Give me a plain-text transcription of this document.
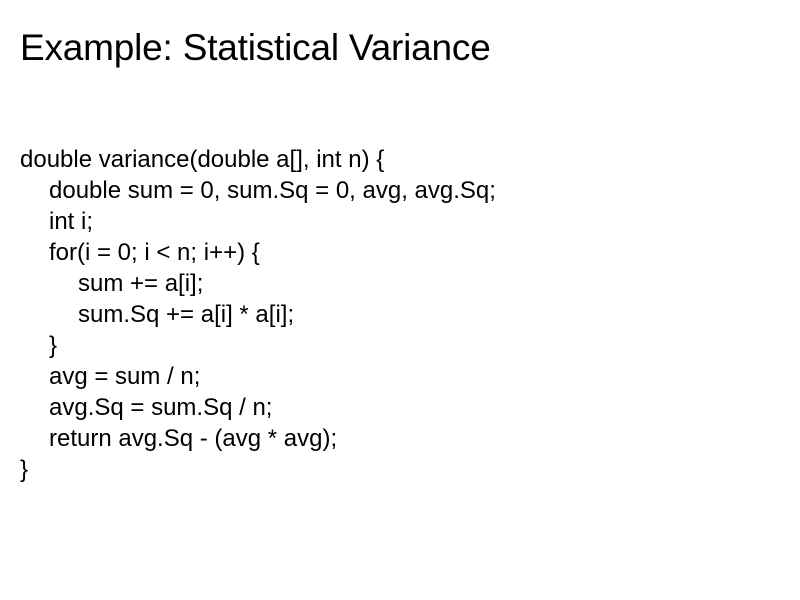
Example: Statistical Variance
double variance(double a[], int n) {
double sum = 0, sum.Sq = 0, avg, avg.Sq;
int i;
for(i = 0; i < n; i++) {
sum += a[i];
sum.Sq += a[i] * a[i];
}
avg = sum / n;
avg.Sq = sum.Sq / n;
return avg.Sq - (avg * avg);
}
